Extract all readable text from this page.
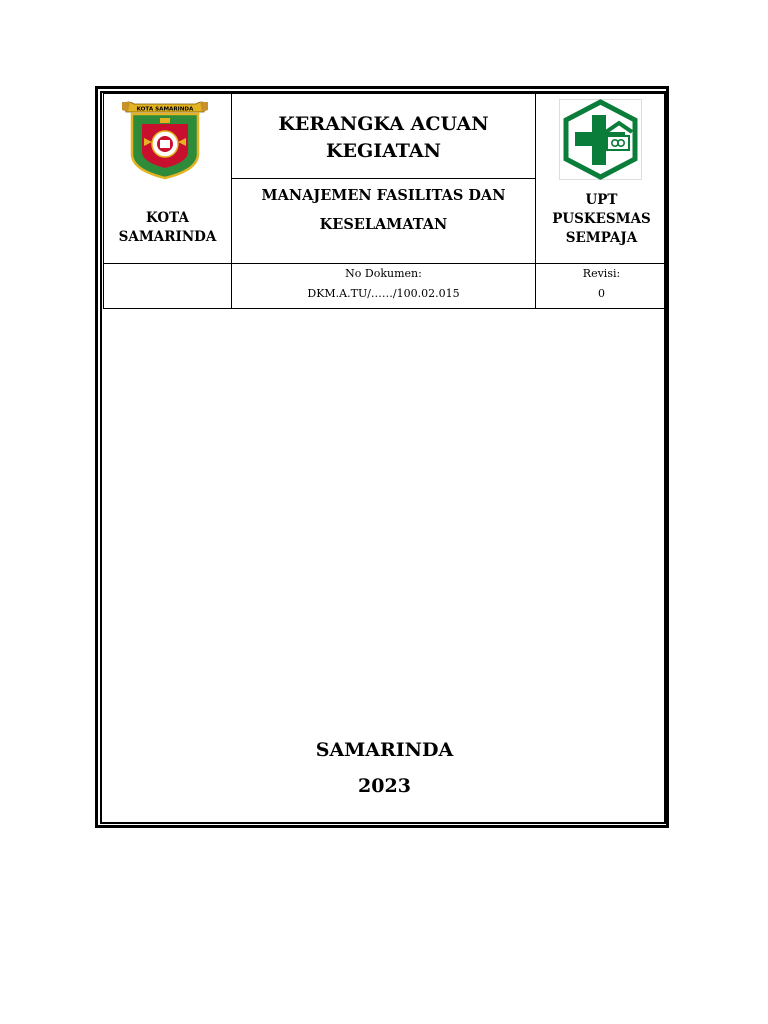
KERANGKA ACUAN
KEGIATAN
MANAJEMEN FASILITAS DAN
KESELAMATAN
KOTA SAMARINDA
KOTA
SAMARINDA
UPT
PUSKESMAS
SEMPAJA
No Dokumen:
DKM.A.TU/……/100.02.015
Revisi:
0
SAMARINDA
2023
